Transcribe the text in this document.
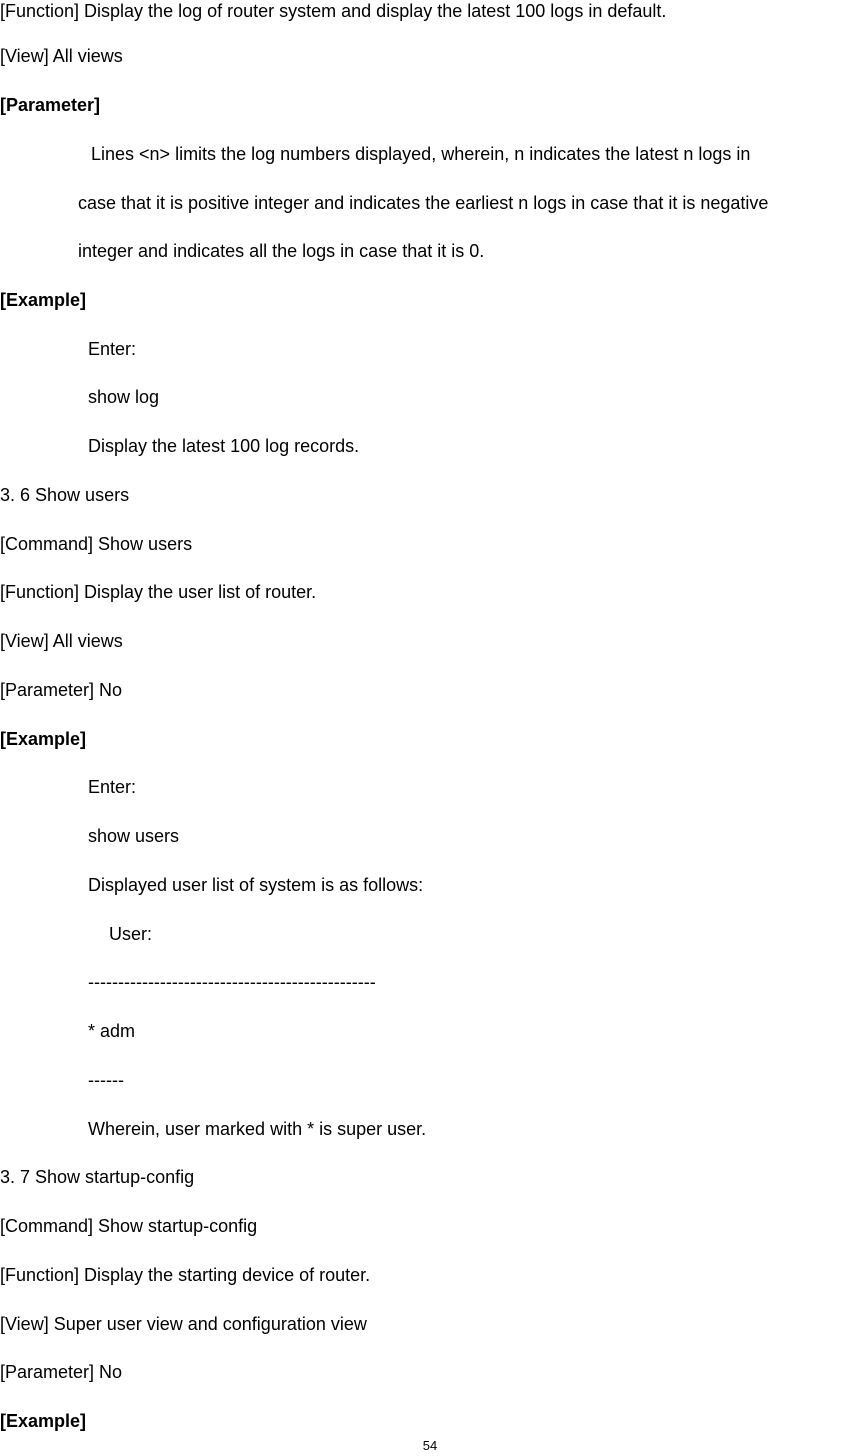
[Function] Display the log of router system and display the latest 100 logs in default.
[View] All views
[Parameter]
Lines <n> limits the log numbers displayed, wherein, n indicates the latest n logs in
case that it is positive integer and indicates the earliest n logs in case that it is negative
integer and indicates all the logs in case that it is 0.
[Example]
Enter:
show log
Display the latest 100 log records.
3. 6 Show users
[Command] Show users
[Function] Display the user list of router.
[View] All views
[Parameter] No
[Example]
Enter:
show users
Displayed user list of system is as follows:
User:
------------------------------------------------
* adm
------
Wherein, user marked with * is super user.
3. 7 Show startup-config
[Command] Show startup-config
[Function] Display the starting device of router.
[View] Super user view and configuration view
[Parameter] No
[Example]
54
